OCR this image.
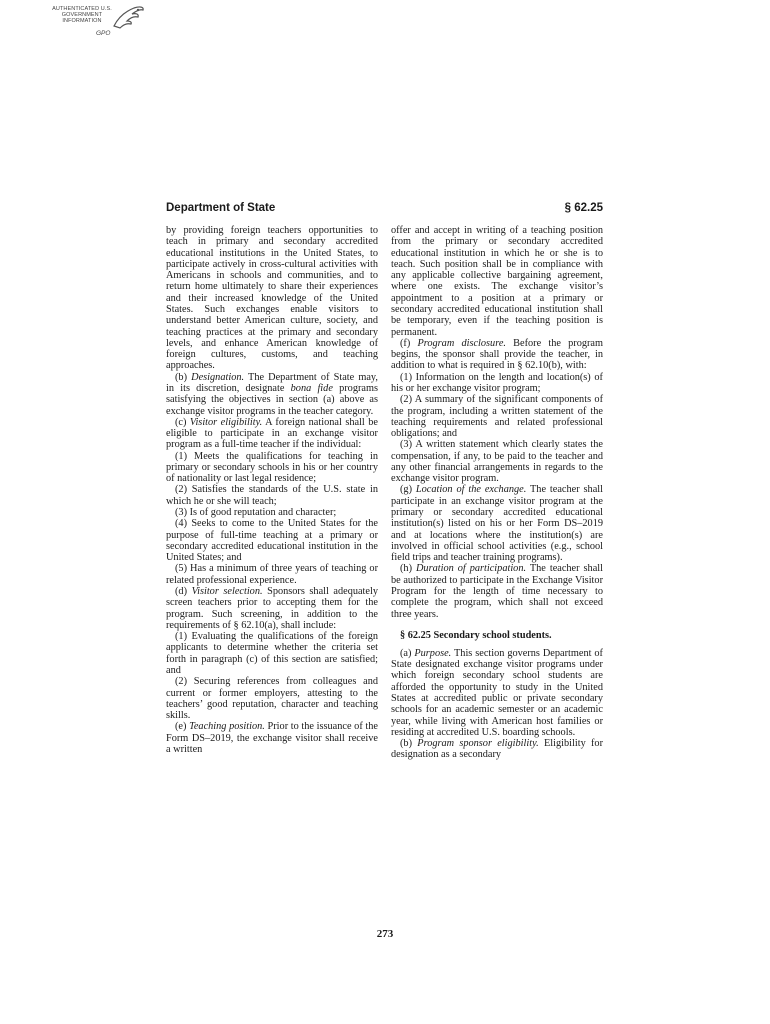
AUTHENTICATED U.S. GOVERNMENT INFORMATION
GPO
Department of State	§ 62.25

by providing foreign teachers opportunities to teach in primary and secondary accredited educational institutions in the United States, to participate actively in cross-cultural activities with Americans in schools and communities, and to return home ultimately to share their experiences and their increased knowledge of the United States. Such exchanges enable visitors to understand better American culture, society, and teaching practices at the primary and secondary levels, and enhance American knowledge of foreign cultures, customs, and teaching approaches.

(b) Designation. The Department of State may, in its discretion, designate bona fide programs satisfying the objectives in section (a) above as exchange visitor programs in the teacher category.

(c) Visitor eligibility. A foreign national shall be eligible to participate in an exchange visitor program as a full-time teacher if the individual:

(1) Meets the qualifications for teaching in primary or secondary schools in his or her country of nationality or last legal residence;

(2) Satisfies the standards of the U.S. state in which he or she will teach;

(3) Is of good reputation and character;

(4) Seeks to come to the United States for the purpose of full-time teaching at a primary or secondary accredited educational institution in the United States; and

(5) Has a minimum of three years of teaching or related professional experience.

(d) Visitor selection. Sponsors shall adequately screen teachers prior to accepting them for the program. Such screening, in addition to the requirements of § 62.10(a), shall include:

(1) Evaluating the qualifications of the foreign applicants to determine whether the criteria set forth in paragraph (c) of this section are satisfied; and

(2) Securing references from colleagues and current or former employers, attesting to the teachers’ good reputation, character and teaching skills.

(e) Teaching position. Prior to the issuance of the Form DS–2019, the exchange visitor shall receive a written

offer and accept in writing of a teaching position from the primary or secondary accredited educational institution in which he or she is to teach. Such position shall be in compliance with any applicable collective bargaining agreement, where one exists. The exchange visitor’s appointment to a position at a primary or secondary accredited educational institution shall be temporary, even if the teaching position is permanent.

(f) Program disclosure. Before the program begins, the sponsor shall provide the teacher, in addition to what is required in § 62.10(b), with:

(1) Information on the length and location(s) of his or her exchange visitor program;

(2) A summary of the significant components of the program, including a written statement of the teaching requirements and related professional obligations; and

(3) A written statement which clearly states the compensation, if any, to be paid to the teacher and any other financial arrangements in regards to the exchange visitor program.

(g) Location of the exchange. The teacher shall participate in an exchange visitor program at the primary or secondary accredited educational institution(s) listed on his or her Form DS–2019 and at locations where the institution(s) are involved in official school activities (e.g., school field trips and teacher training programs).

(h) Duration of participation. The teacher shall be authorized to participate in the Exchange Visitor Program for the length of time necessary to complete the program, which shall not exceed three years.

§ 62.25 Secondary school students.

(a) Purpose. This section governs Department of State designated exchange visitor programs under which foreign secondary school students are afforded the opportunity to study in the United States at accredited public or private secondary schools for an academic semester or an academic year, while living with American host families or residing at accredited U.S. boarding schools.

(b) Program sponsor eligibility. Eligibility for designation as a secondary

273
